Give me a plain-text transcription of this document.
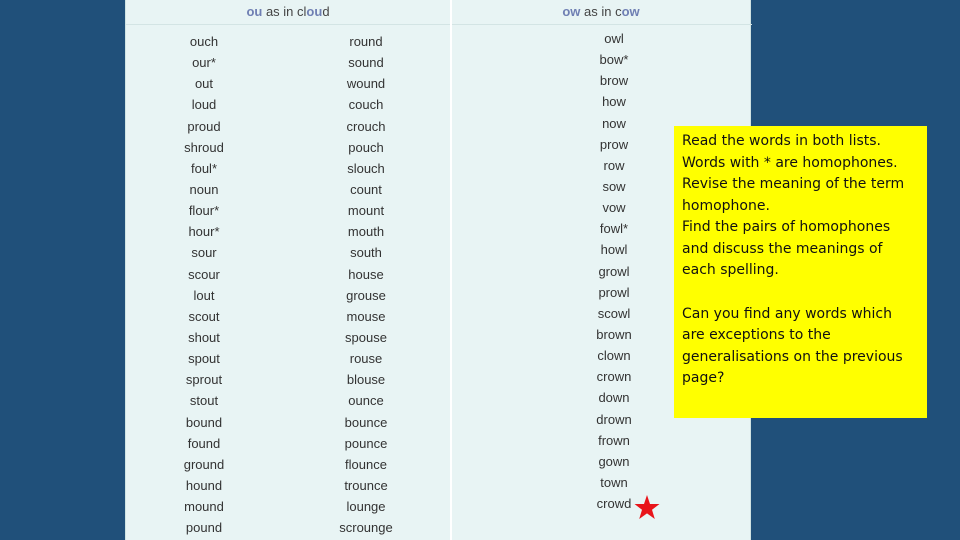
ou as in cloud	ow as in cow
ouch
our*
out
loud
proud
shroud
foul*
noun
flour*
hour*
sour
scour
lout
scout
shout
spout
sprout
stout
bound
found
ground
hound
mound
pound
round
sound
wound
couch
crouch
pouch
slouch
count
mount
mouth
south
house
grouse
mouse
spouse
rouse
blouse
ounce
bounce
pounce
flounce
trounce
lounge
scrounge
owl
bow*
brow
how
now
prow
row
sow
vow
fowl*
howl
growl
prowl
scowl
brown
clown
crown
down
drown
frown
gown
town
crowd

Read the words in both lists.

Words with * are homophones.

Revise the meaning of the term homophone.

Find the pairs of homophones and discuss the meanings of each spelling.

Can you find any words which are exceptions to the generalisations on the previous page?
